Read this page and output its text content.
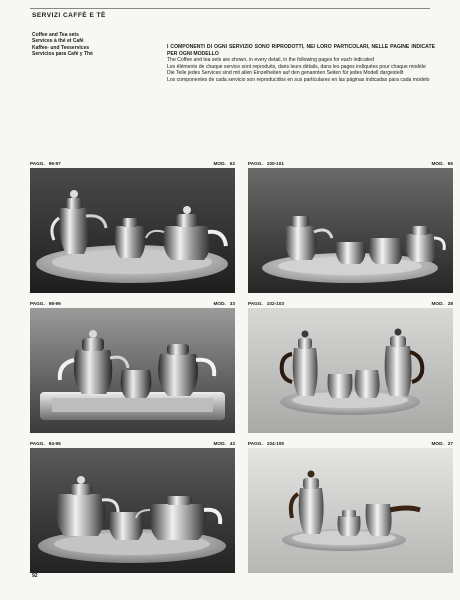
SERVIZI CAFFÈ E TÈ
Coffee and Tea sets
Services à thé et Café
Kaffee- und Teeservices
Servicios para Café y Thè

I COMPONENTI DI OGNI SERVIZIO SONO RIPRODOTTI, NEI LORO PARTICOLARI, NELLE PAGINE INDICATE PER OGNI MODELLO

The Coffee and tea sets are shown, in every detail, in the following pages for each indicated

Les éléments de chaque service sont reproduits, dans leurs détails, dans les pages indiquées pour chaque modèle

Die Teile jedes Services sind mit allen Einzelheiten auf den genannten Seiten für jedes Modell dargestellt

Los componentes de cada servicio son reproducidos en sus particulares en las páginas indicadas para cada modelo

PAGG. 96-97	MOD. 62	PAGG. 100-101	MOD. 65
PAGG. 98-99	MOD. 33	PAGG. 102-103	MOD. 28
PAGG. 94-95	MOD. 43	PAGG. 104-105	MOD. 27
92
